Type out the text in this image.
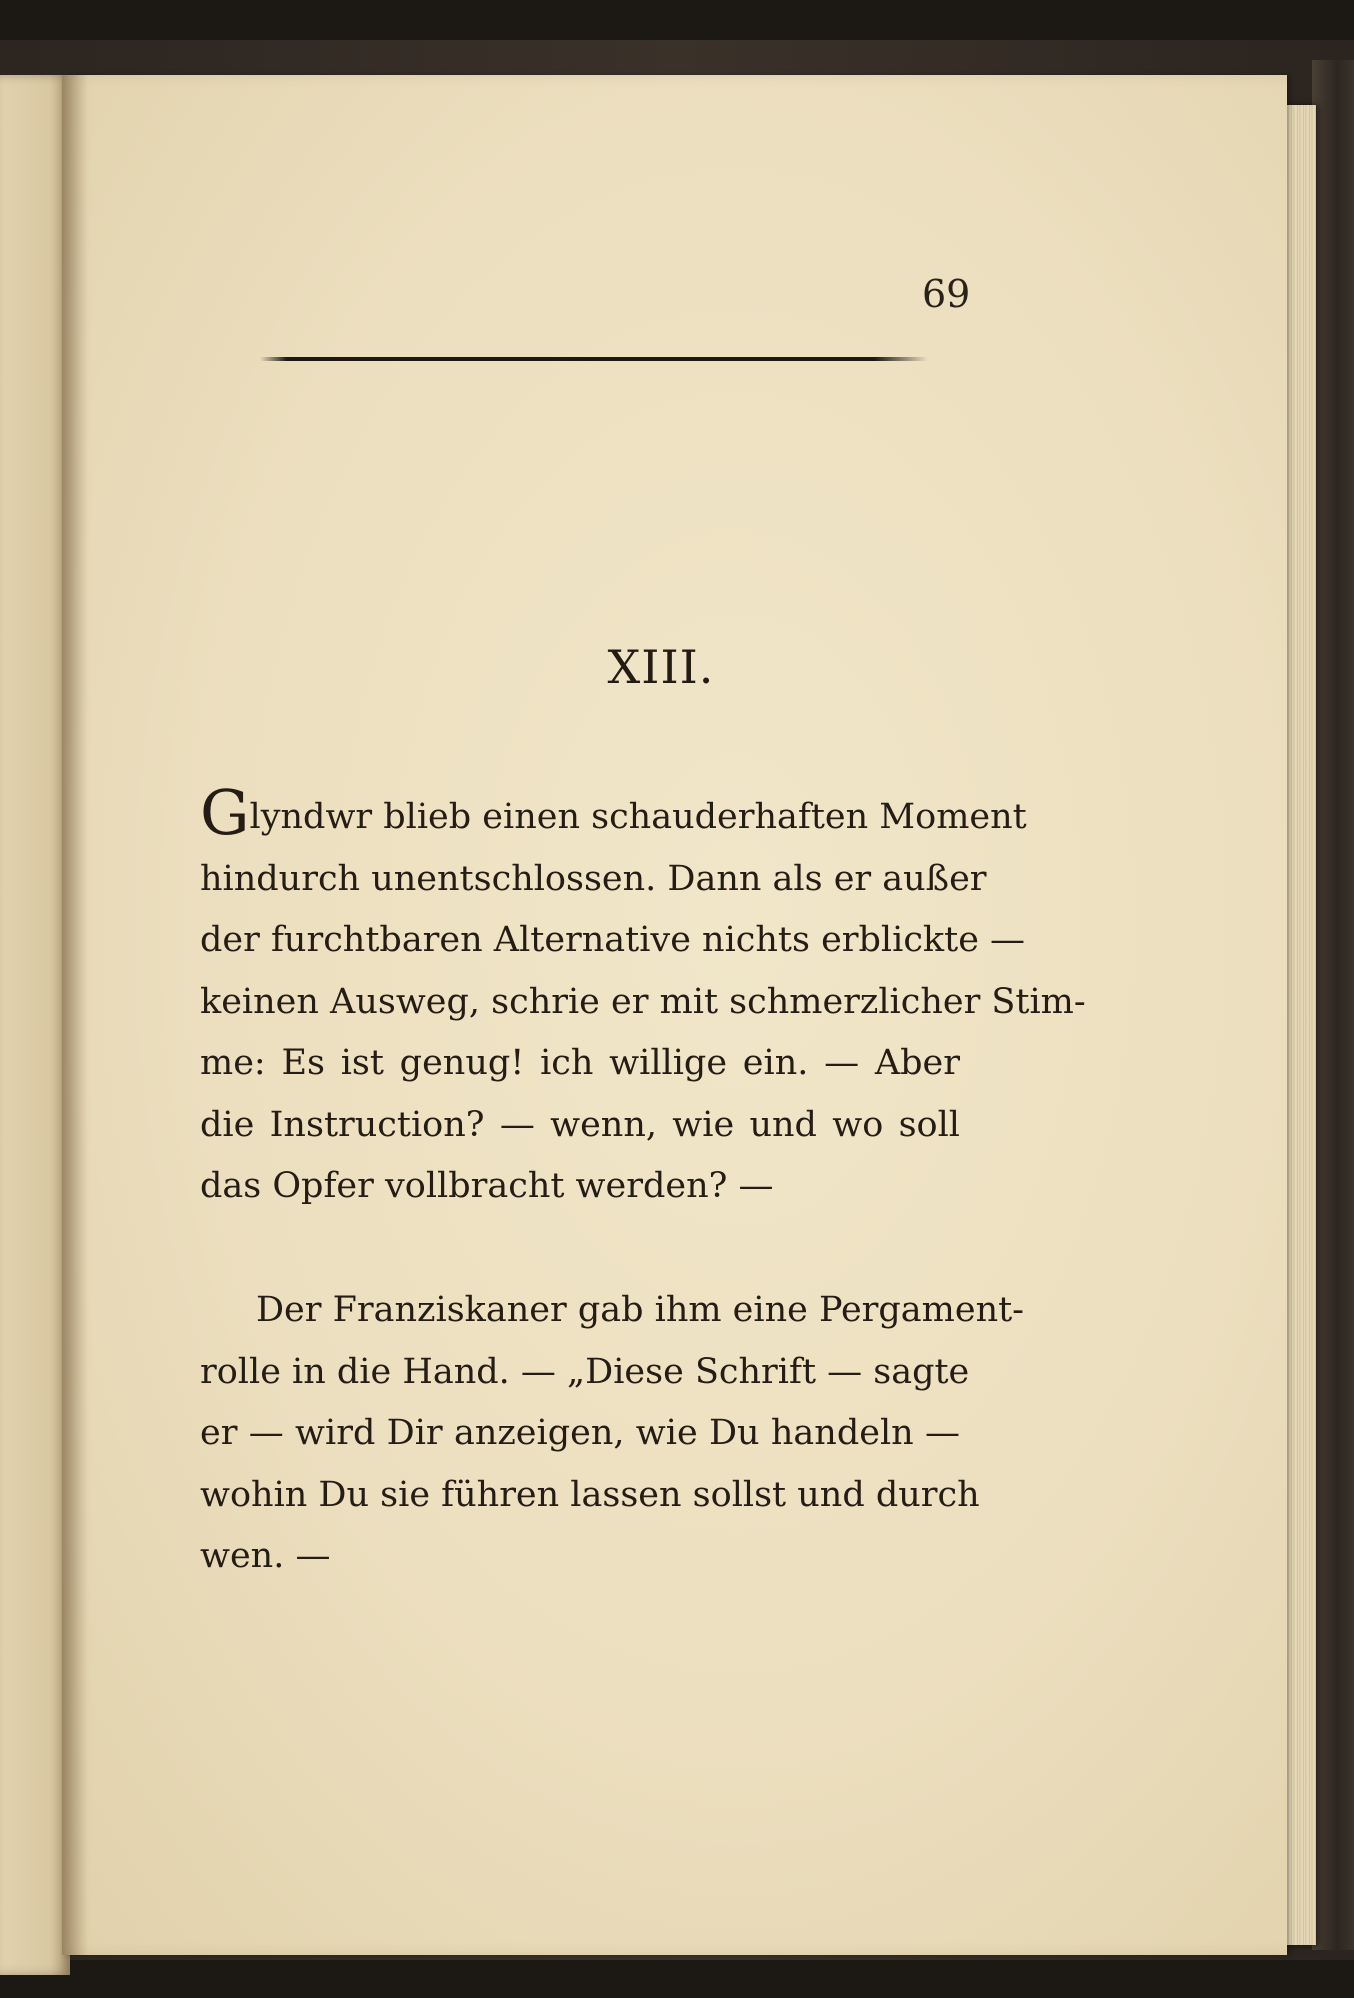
69
XIII.
Glyndwr blieb einen schauderhaften Moment
hindurch unentschlossen. Dann als er außer
der furchtbaren Alternative nichts erblickte —
keinen Ausweg, schrie er mit schmerzlicher Stim-
me: Es ist genug! ich willige ein. — Aber
die Instruction? — wenn, wie und wo soll
das Opfer vollbracht werden? —
Der Franziskaner gab ihm eine Pergament-
rolle in die Hand. — „Diese Schrift — sagte
er — wird Dir anzeigen, wie Du handeln —
wohin Du sie führen lassen sollst und durch
wen. —
